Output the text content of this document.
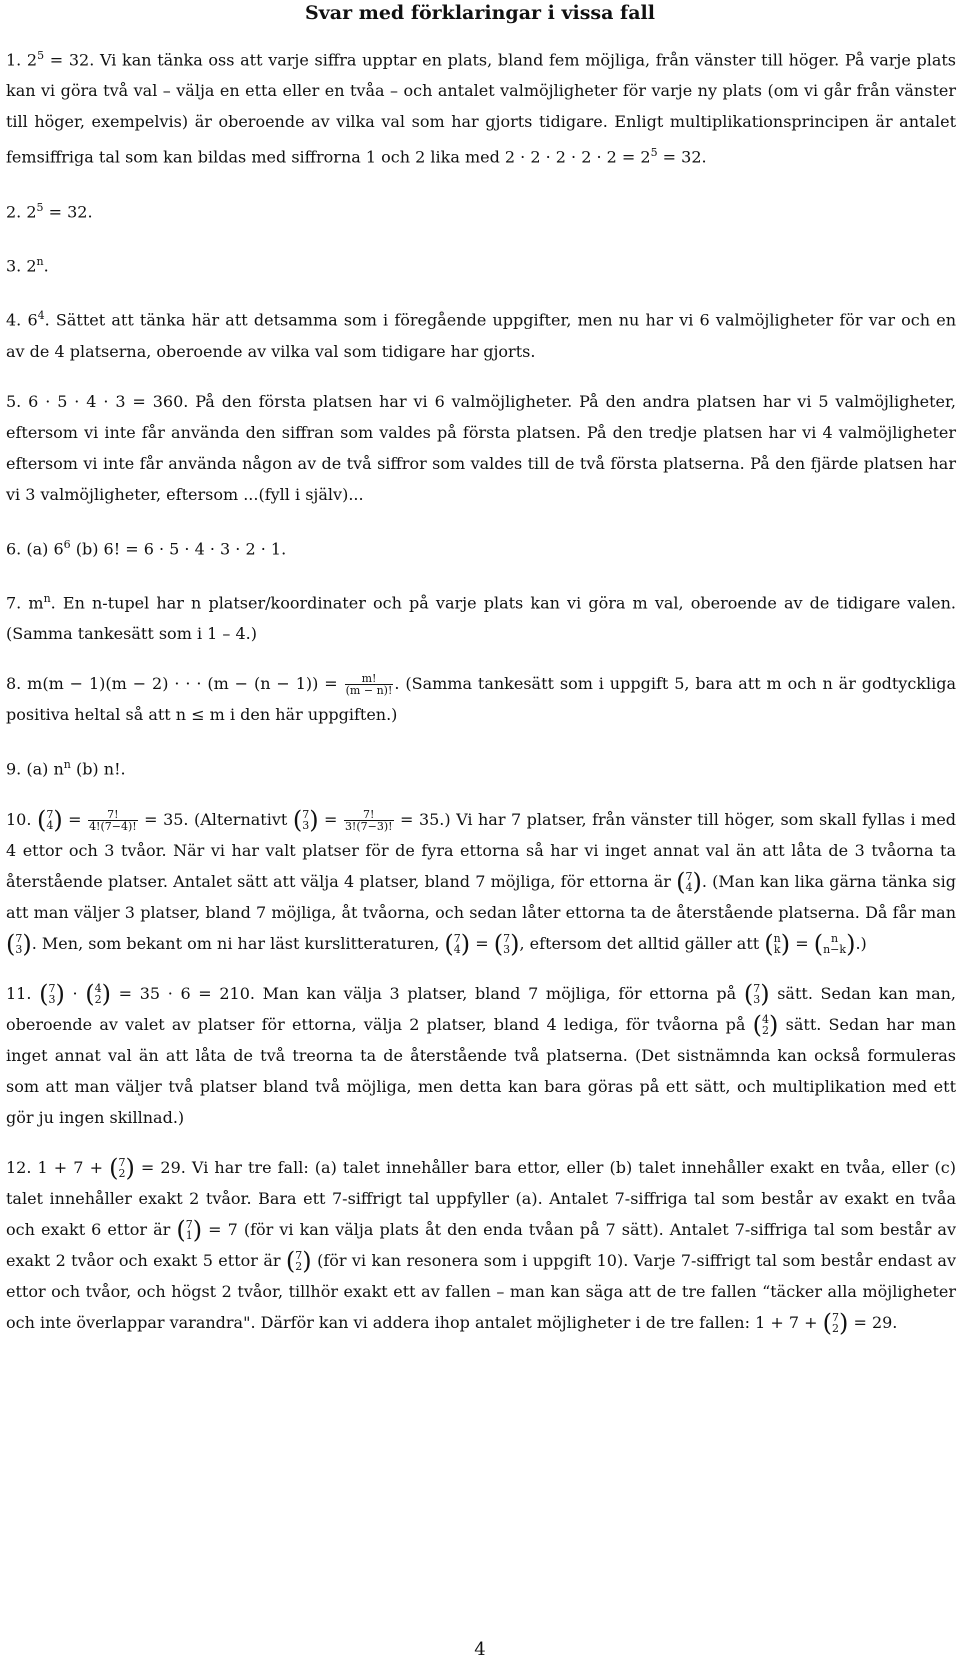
Svar med förklaringar i vissa fall

1. $2^5 = 32$. Vi kan tänka oss att varje siffra upptar en plats, bland fem möjliga, från vänster till höger. På varje plats kan vi göra två val – välja en etta eller en tvåa – och antalet valmöjligheter för varje ny plats (om vi går från vänster till höger, exempelvis) är oberoende av vilka val som har gjorts tidigare. Enligt multiplikationsprincipen är antalet femsiffriga tal som kan bildas med siffrorna 1 och 2 lika med $2 \cdot 2 \cdot 2 \cdot 2 \cdot 2 = 2^5 = 32$.

2. $2^5 = 32$.

3. 2$^n$.

4. $6^4$. Sättet att tänka här att detsamma som i föregående uppgifter, men nu har vi 6 valmöjligheter för var och en av de 4 platserna, oberoende av vilka val som tidigare har gjorts.

5. 6 · 5 · 4 · 3 = 360. På den första platsen har vi 6 valmöjligheter. På den andra platsen har vi 5 valmöjligheter, eftersom vi inte får använda den siffran som valdes på första platsen. På den tredje platsen har vi 4 valmöjligheter eftersom vi inte får använda någon av de två siffror som valdes till de två första platserna. På den fjärde platsen har vi 3 valmöjligheter, eftersom ...(fyll i själv)...

6. (a) $6^6$ (b) 6! = 6 · 5 · 4 · 3 · 2 · 1.

7. $m^n$. En n-tupel har n platser/koordinater och på varje plats kan vi göra m val, oberoende av de tidigare valen. (Samma tankesätt som i 1 – 4.)

8. m(m − 1)(m − 2) · · · $(m - (n - 1)) = \frac{m!}{(m - n)!}$ . (Samma tankesätt som i uppgift 5, bara att m och n är godtyckliga positiva heltal så att n ≤ m i den här uppgiften.)

9. (a) $n^n$ (b) n!.

10. ( 7
4 ) = $\frac{7!}{4!(7-4)!} = 35$. (Alternativt ( 7
3 ) = $\frac{7!}{3!(7-3)!} = 35$.) Vi har 7 platser, från vänster till höger, som skall fyllas i med 4 ettor och 3 tvåor. När vi har valt platser för de fyra ettorna så har vi inget annat val än att låta de 3 tvåorna ta återstående platser. Antalet sätt att välja 4 platser, bland 7 möjliga, för ettorna är ( 7
4 ). (Man kan lika gärna tänka sig att man väljer 3 platser, bland 7 möjliga, åt tvåorna, och sedan låter ettorna ta de återstående platserna. Då får man ( 7
3 ). Men, som bekant om ni har läst kurslitteraturen, ( 7
4 ) = ( 7
3 ), eftersom det alltid gäller att ( n
k ) = ( n
n−k ).)

11. ( 7
3 ) · ( 4
2 ) = 35 · 6 = 210. Man kan välja 3 platser, bland 7 möjliga, för ettorna på ( 7
3 ) sätt. Sedan kan man, oberoende av valet av platser för ettorna, välja 2 platser, bland 4 lediga, för tvåorna på ( 4
2 ) sätt. Sedan har man inget annat val än att låta de två treorna ta de återstående två platserna. (Det sistnämnda kan också formuleras som att man väljer två platser bland två möjliga, men detta kan bara göras på ett sätt, och multiplikation med ett gör ju ingen skillnad.)

12. 1 + 7 + ( 7
2 ) = 29. Vi har tre fall: (a) talet innehåller bara ettor, eller (b) talet innehåller exakt en tvåa, eller (c) talet innehåller exakt 2 tvåor. Bara ett 7-siffrigt tal uppfyller (a). Antalet 7-siffriga tal som består av exakt en tvåa och exakt 6 ettor är ( 7
1 ) = 7 (för vi kan välja plats åt den enda tvåan på 7 sätt). Antalet 7-siffriga tal som består av exakt 2 tvåor och exakt 5 ettor är ( 7
2 ) (för vi kan resonera som i uppgift 10). Varje 7-siffrigt tal som består endast av ettor och tvåor, och högst 2 tvåor, tillhör exakt ett av fallen – man kan säga att de tre fallen “täcker alla möjligheter och inte överlappar varandra". Därför kan vi addera ihop antalet möjligheter i de tre fallen: 1 + 7 + ( 7
2 ) = 29.

4
